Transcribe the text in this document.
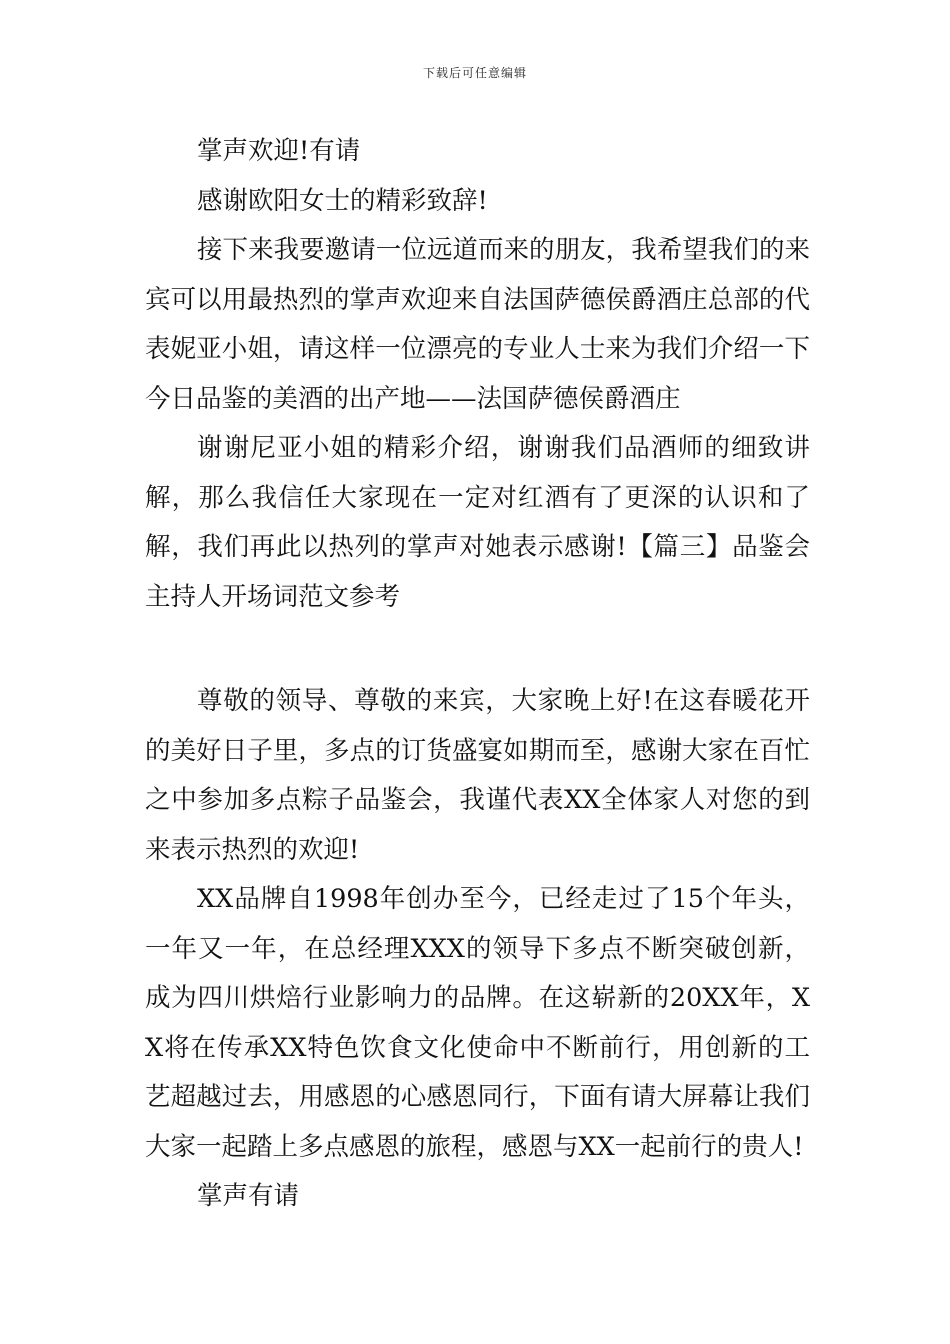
下载后可任意编辑

掌声欢迎!有请

感谢欧阳女士的精彩致辞!

接下来我要邀请一位远道而来的朋友，我希望我们的来宾可以用最热烈的掌声欢迎来自法国萨德侯爵酒庄总部的代表妮亚小姐，请这样一位漂亮的专业人士来为我们介绍一下今日品鉴的美酒的出产地——法国萨德侯爵酒庄

谢谢尼亚小姐的精彩介绍，谢谢我们品酒师的细致讲解，那么我信任大家现在一定对红酒有了更深的认识和了解，我们再此以热列的掌声对她表示感谢!【篇三】品鉴会主持人开场词范文参考

尊敬的领导、尊敬的来宾，大家晚上好!在这春暖花开的美好日子里，多点的订货盛宴如期而至，感谢大家在百忙之中参加多点粽子品鉴会，我谨代表XX全体家人对您的到来表示热烈的欢迎!

XX品牌自1998年创办至今，已经走过了15个年头，一年又一年，在总经理XXX的领导下多点不断突破创新，成为四川烘焙行业影响力的品牌。在这崭新的20XX年，XX将在传承XX特色饮食文化使命中不断前行，用创新的工艺超越过去，用感恩的心感恩同行，下面有请大屏幕让我们大家一起踏上多点感恩的旅程，感恩与XX一起前行的贵人!

掌声有请
